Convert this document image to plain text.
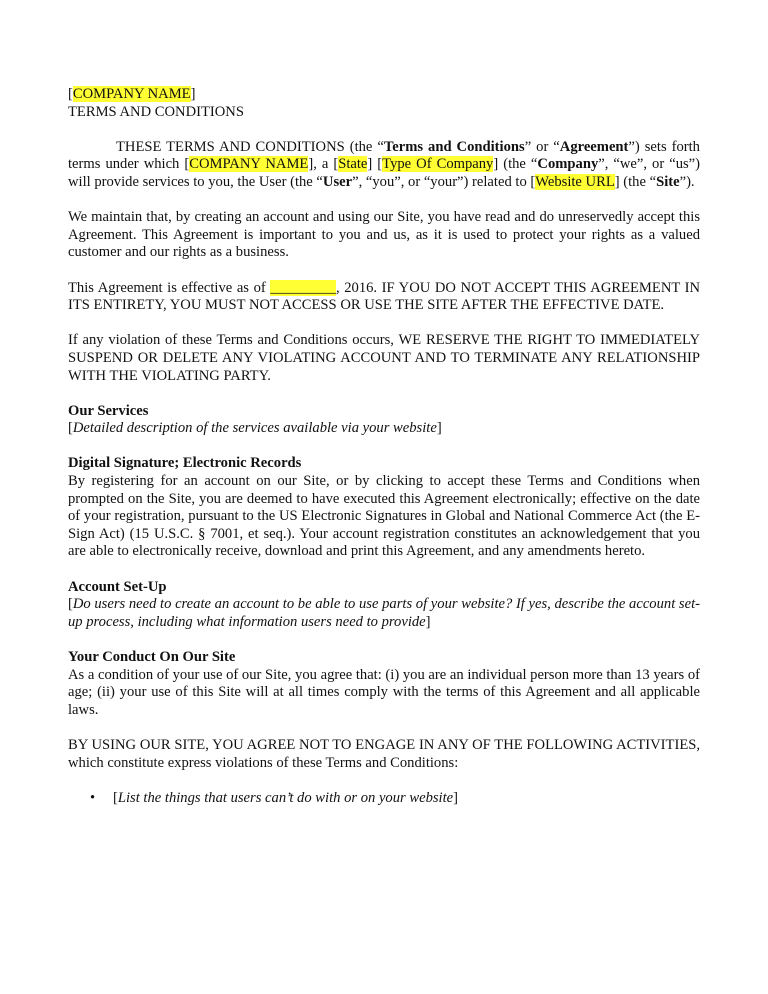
[COMPANY NAME]

TERMS AND CONDITIONS

THESE TERMS AND CONDITIONS (the “Terms and Conditions” or “Agreement”) sets forth terms under which [COMPANY NAME], a [State] [Type Of Company] (the “Company”, “we”, or “us”) will provide services to you, the User (the “User”, “you”, or “your”) related to [Website URL] (the “Site”).

We maintain that, by creating an account and using our Site, you have read and do unreservedly accept this Agreement. This Agreement is important to you and us, as it is used to protect your rights as a valued customer and our rights as a business.

This Agreement is effective as of _________, 2016. IF YOU DO NOT ACCEPT THIS AGREEMENT IN ITS ENTIRETY, YOU MUST NOT ACCESS OR USE THE SITE AFTER THE EFFECTIVE DATE.

If any violation of these Terms and Conditions occurs, WE RESERVE THE RIGHT TO IMMEDIATELY SUSPEND OR DELETE ANY VIOLATING ACCOUNT AND TO TERMINATE ANY RELATIONSHIP WITH THE VIOLATING PARTY.

Our Services

[Detailed description of the services available via your website]

Digital Signature; Electronic Records

By registering for an account on our Site, or by clicking to accept these Terms and Conditions when prompted on the Site, you are deemed to have executed this Agreement electronically; effective on the date of your registration, pursuant to the US Electronic Signatures in Global and National Commerce Act (the E-Sign Act) (15 U.S.C. § 7001, et seq.). Your account registration constitutes an acknowledgement that you are able to electronically receive, download and print this Agreement, and any amendments hereto.

Account Set-Up

[Do users need to create an account to be able to use parts of your website? If yes, describe the account set-up process, including what information users need to provide]

Your Conduct On Our Site

As a condition of your use of our Site, you agree that: (i) you are an individual person more than 13 years of age; (ii) your use of this Site will at all times comply with the terms of this Agreement and all applicable laws.

BY USING OUR SITE, YOU AGREE NOT TO ENGAGE IN ANY OF THE FOLLOWING ACTIVITIES, which constitute express violations of these Terms and Conditions:

• [List the things that users can’t do with or on your website]
